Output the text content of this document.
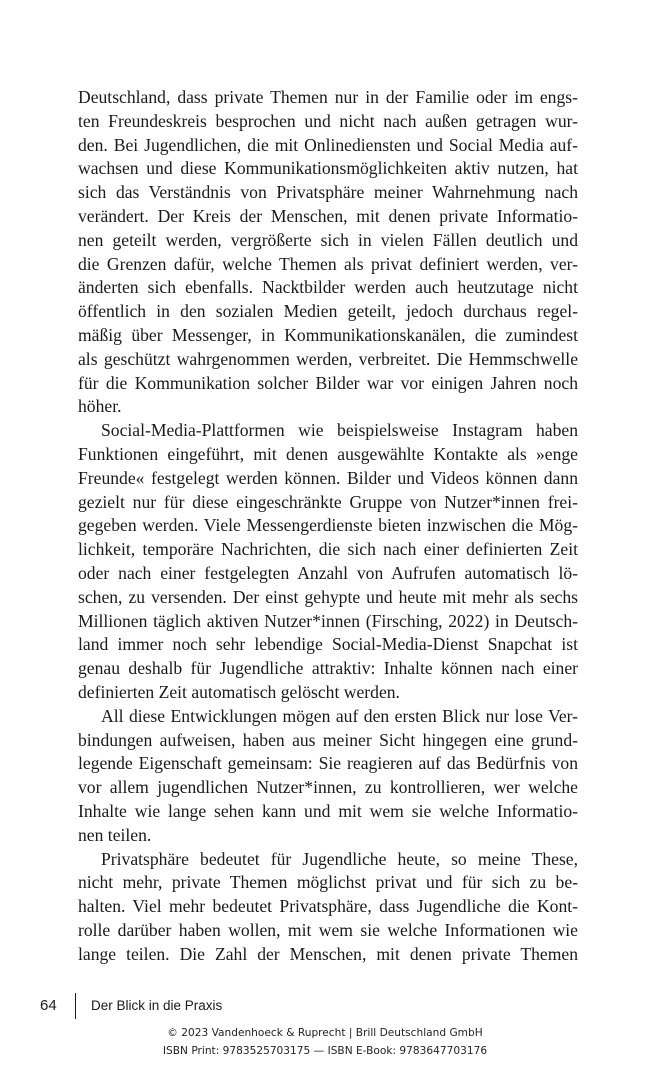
Deutschland, dass private Themen nur in der Familie oder im engs-
ten Freundeskreis besprochen und nicht nach außen getragen wur-
den. Bei Jugendlichen, die mit Onlinediensten und Social Media auf-
wachsen und diese Kommunikationsmöglichkeiten aktiv nutzen, hat
sich das Verständnis von Privatsphäre meiner Wahrnehmung nach
verändert. Der Kreis der Menschen, mit denen private Informatio-
nen geteilt werden, vergrößerte sich in vielen Fällen deutlich und
die Grenzen dafür, welche Themen als privat definiert werden, ver-
änderten sich ebenfalls. Nacktbilder werden auch heutzutage nicht
öffentlich in den sozialen Medien geteilt, jedoch durchaus regel-
mäßig über Messenger, in Kommunikationskanälen, die zumindest
als geschützt wahrgenommen werden, verbreitet. Die Hemmschwelle
für die Kommunikation solcher Bilder war vor einigen Jahren noch
höher.
Social-Media-Plattformen wie beispielsweise Instagram haben
Funktionen eingeführt, mit denen ausgewählte Kontakte als »enge
Freunde« festgelegt werden können. Bilder und Videos können dann
gezielt nur für diese eingeschränkte Gruppe von Nutzer*innen frei-
gegeben werden. Viele Messengerdienste bieten inzwischen die Mög-
lichkeit, temporäre Nachrichten, die sich nach einer definierten Zeit
oder nach einer festgelegten Anzahl von Aufrufen automatisch lö-
schen, zu versenden. Der einst gehypte und heute mit mehr als sechs
Millionen täglich aktiven Nutzer*innen (Firsching, 2022) in Deutsch-
land immer noch sehr lebendige Social-Media-Dienst Snapchat ist
genau deshalb für Jugendliche attraktiv: Inhalte können nach einer
definierten Zeit automatisch gelöscht werden.
All diese Entwicklungen mögen auf den ersten Blick nur lose Ver-
bindungen aufweisen, haben aus meiner Sicht hingegen eine grund-
legende Eigenschaft gemeinsam: Sie reagieren auf das Bedürfnis von
vor allem jugendlichen Nutzer*innen, zu kontrollieren, wer welche
Inhalte wie lange sehen kann und mit wem sie welche Informatio-
nen teilen.
Privatsphäre bedeutet für Jugendliche heute, so meine These,
nicht mehr, private Themen möglichst privat und für sich zu be-
halten. Viel mehr bedeutet Privatsphäre, dass Jugendliche die Kont-
rolle darüber haben wollen, mit wem sie welche Informationen wie
lange teilen. Die Zahl der Menschen, mit denen private Themen
64	Der Blick in die Praxis
© 2023 Vandenhoeck & Ruprecht | Brill Deutschland GmbH
ISBN Print: 9783525703175 — ISBN E-Book: 9783647703176
